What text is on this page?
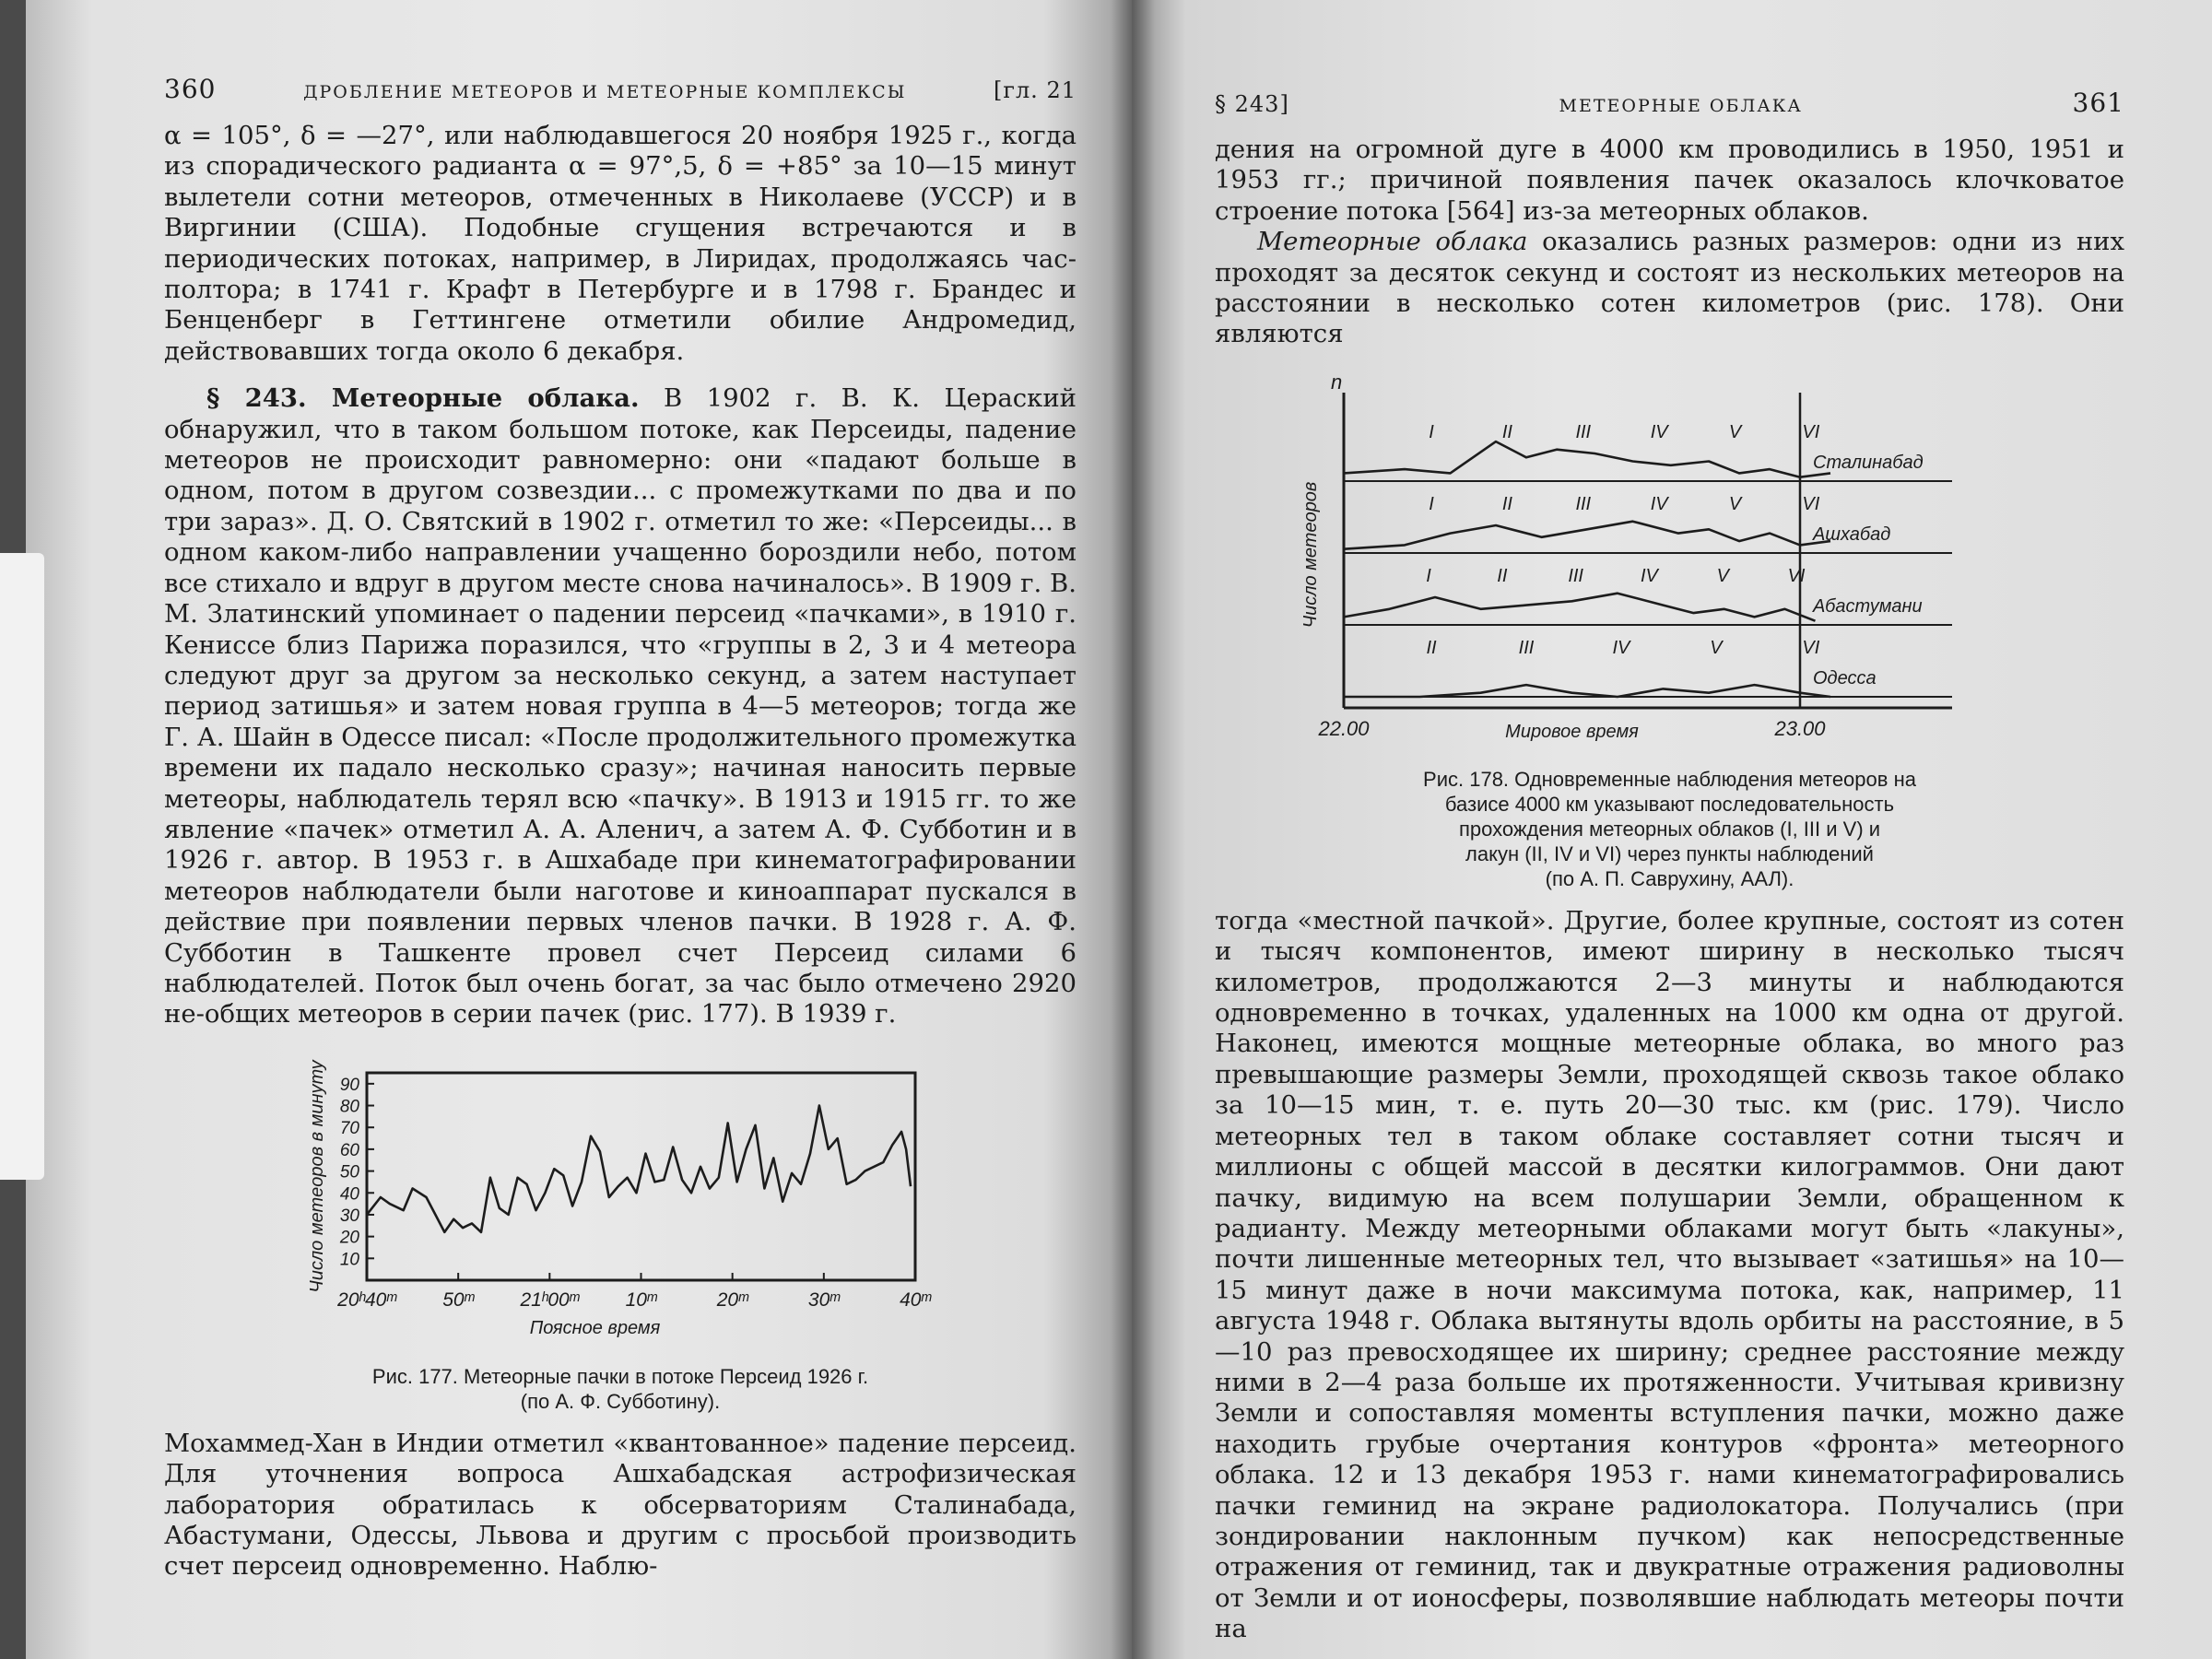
360	ДРОБЛЕНИЕ МЕТЕОРОВ И МЕТЕОРНЫЕ КОМПЛЕКСЫ	[гл. 21

α = 105°, δ = —27°, или наблюдавшегося 20 ноября 1925 г., когда из спорадического радианта α = 97°,5, δ = +85° за 10—15 минут вылетели сотни метеоров, отмеченных в Николаеве (УССР) и в Виргинии (США). Подобные сгущения встречаются и в периодических потоках, например, в Лиридах, продолжаясь час-полтора; в 1741 г. Крафт в Петербурге и в 1798 г. Брандес и Бенценберг в Геттингене отметили обилие Андромедид, действовавших тогда около 6 декабря.

§ 243. Метеорные облака. В 1902 г. В. К. Цераский обнаружил, что в таком большом потоке, как Персеиды, падение метеоров не происходит равномерно: они «падают больше в одном, потом в другом созвездии... с промежутками по два и по три зараз». Д. О. Святский в 1902 г. отметил то же: «Персеиды... в одном каком-либо направлении учащенно бороздили небо, потом все стихало и вдруг в другом месте снова начиналось». В 1909 г. В. М. Златинский упоминает о падении персеид «пачками», в 1910 г. Кениссе близ Парижа поразился, что «группы в 2, 3 и 4 метеора следуют друг за другом за несколько секунд, а затем наступает период затишья» и затем новая группа в 4—5 метеоров; тогда же Г. А. Шайн в Одессе писал: «После продолжительного промежутка времени их падало несколько сразу»; начиная наносить первые метеоры, наблюдатель терял всю «пачку». В 1913 и 1915 гг. то же явление «пачек» отметил А. А. Аленич, а затем А. Ф. Субботин и в 1926 г. автор. В 1953 г. в Ашхабаде при кинематографировании метеоров наблюдатели были наготове и киноаппарат пускался в действие при появлении первых членов пачки. В 1928 г. А. Ф. Субботин в Ташкенте провел счет Персеид силами 6 наблюдателей. Поток был очень богат, за час было отмечено 2920 не-общих метеоров в серии пачек (рис. 177). В 1939 г.

10
20
30
40
50
60
70
80
90
20ʰ40ᵐ 50ᵐ 21ʰ00ᵐ 10ᵐ	20ᵐ	30ᵐ	40ᵐ
Поясное время
Число метеоров в минуту
Рис. 177. Метеорные пачки в потоке Персеид 1926 г.
(по А. Ф. Субботину).

Мохаммед-Хан в Индии отметил «квантованное» падение персеид. Для уточнения вопроса Ашхабадская астрофизическая лаборатория обратилась к обсерваториям Сталинабада, Абастумани, Одессы, Львова и другим с просьбой производить счет персеид одновременно. Наблю-

§ 243]	МЕТЕОРНЫЕ ОБЛАКА	361

дения на огромной дуге в 4000 км проводились в 1950, 1951 и 1953 гг.; причиной появления пачек оказалось клочковатое строение потока [564] из-за метеорных облаков.

Метеорные облака оказались разных размеров: одни из них проходят за десяток секунд и состоят из нескольких метеоров на расстоянии в несколько сотен километров (рис. 178). Они являются

n
Число метеоров
22.00	23.00
Мировое время
Сталинабад
I	II	III	IV	V	VI
Ашхабад
I	II	III	IV	V	VI
Абастумани
I	II	III	IV	V	VI
Одесса
II	III	IV	V	VI
Рис. 178. Одновременные наблюдения метеоров на
базисе 4000 км указывают последовательность
прохождения метеорных облаков (I, III и V) и
лакун (II, IV и VI) через пункты наблюдений
(по А. П. Саврухину, ААЛ).

тогда «местной пачкой». Другие, более крупные, состоят из сотен и тысяч компонентов, имеют ширину в несколько тысяч километров, продолжаются 2—3 минуты и наблюдаются одновременно в точках, удаленных на 1000 км одна от другой. Наконец, имеются мощные метеорные облака, во много раз превышающие размеры Земли, проходящей сквозь такое облако за 10—15 мин, т. е. путь 20—30 тыс. км (рис. 179). Число метеорных тел в таком облаке составляет сотни тысяч и миллионы с общей массой в десятки килограммов. Они дают пачку, видимую на всем полушарии Земли, обращенном к радианту. Между метеорными облаками могут быть «лакуны», почти лишенные метеорных тел, что вызывает «затишья» на 10—15 минут даже в ночи максимума потока, как, например, 11 августа 1948 г. Облака вытянуты вдоль орбиты на расстояние, в 5—10 раз превосходящее их ширину; среднее расстояние между ними в 2—4 раза больше их протяженности. Учитывая кривизну Земли и сопоставляя моменты вступления пачки, можно даже находить грубые очертания контуров «фронта» метеорного облака. 12 и 13 декабря 1953 г. нами кинематографировались пачки геминид на экране радиолокатора. Получались (при зондировании наклонным пучком) как непосредственные отражения от геминид, так и двукратные отражения радиоволны от Земли и от ионосферы, позволявшие наблюдать метеоры почти на
